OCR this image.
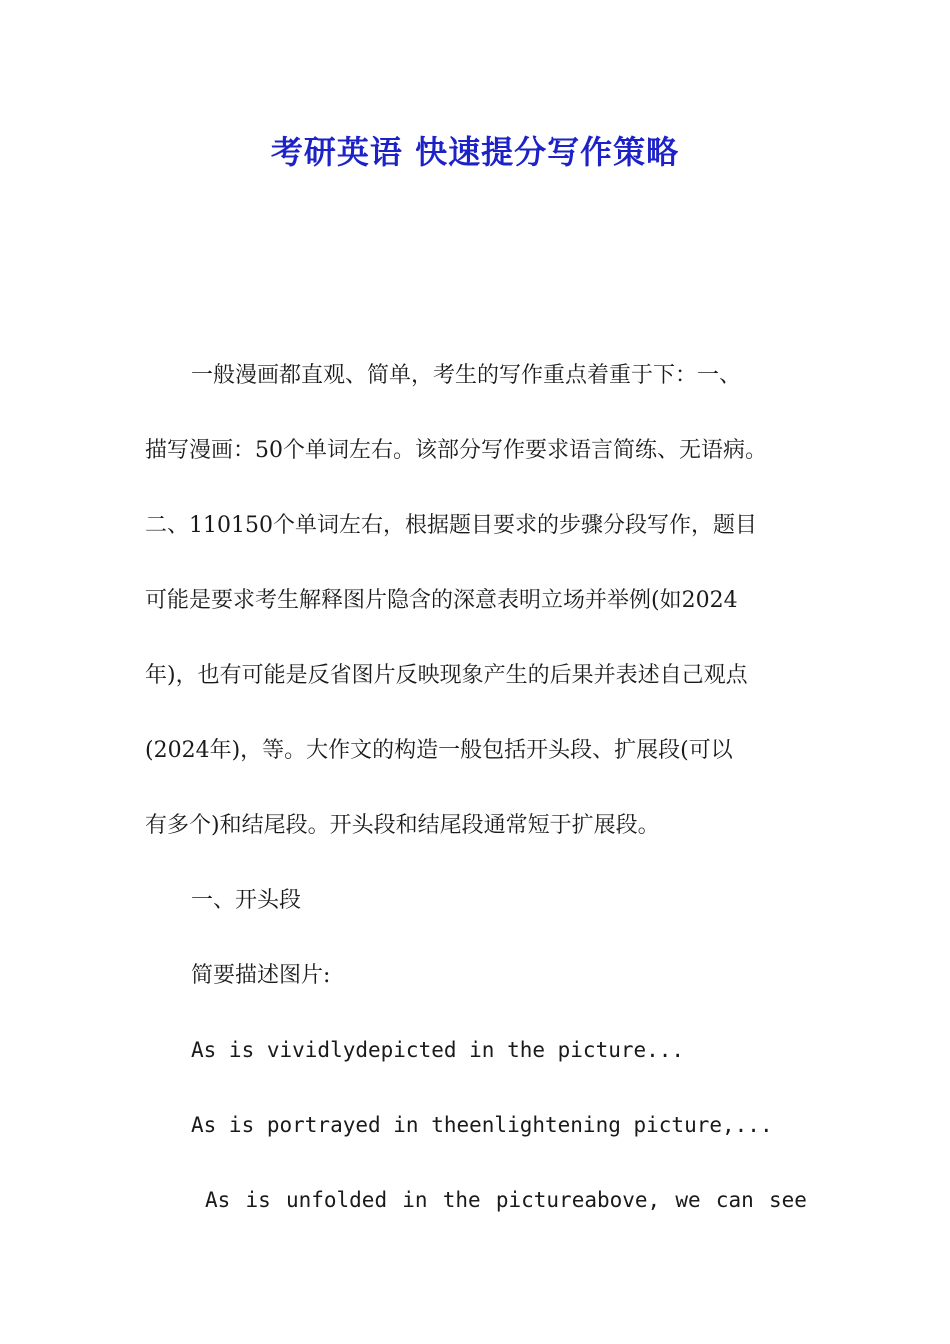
考研英语 快速提分写作策略
一般漫画都直观、简单，考生的写作重点着重于下：一、
描写漫画：50个单词左右。该部分写作要求语言简练、无语病。
二、110150个单词左右，根据题目要求的步骤分段写作，题目
可能是要求考生解释图片隐含的深意表明立场并举例(如2024
年)，也有可能是反省图片反映现象产生的后果并表述自己观点
(2024年)，等。大作文的构造一般包括开头段、扩展段(可以
有多个)和结尾段。开头段和结尾段通常短于扩展段。
一、开头段
简要描述图片:
As is vividlydepicted in the picture...
As is portrayed in theenlightening picture,...
As is unfolded in the pictureabove, we can see
